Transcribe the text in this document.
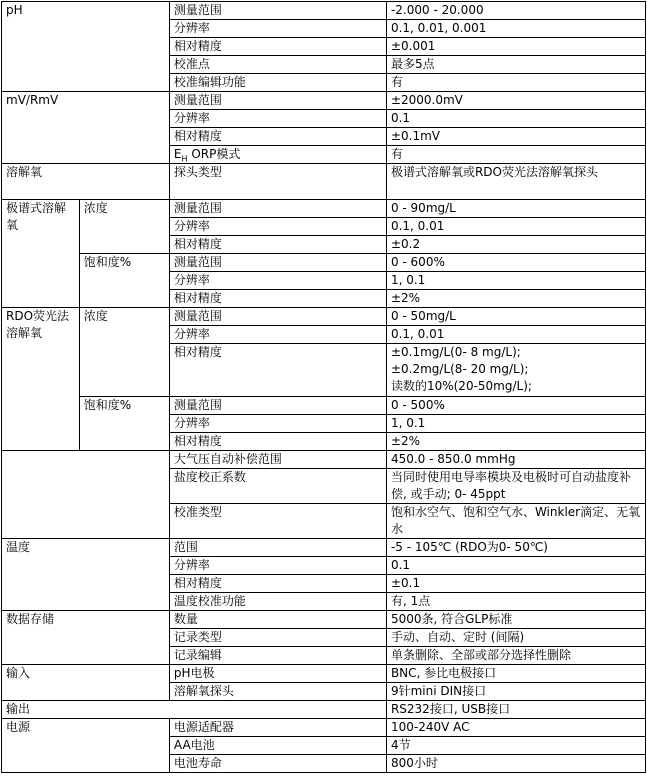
pH		测量范围	-2.000 - 20.000
		分辨率	0.1, 0.01, 0.001
		相对精度	±0.001
		校准点	最多5点
		校准编辑功能	有
mV/RmV		测量范围	±2000.0mV
		分辨率	0.1
		相对精度	±0.1mV
		$E_H$ ORP模式	有
溶解氧		探头类型	极谱式溶解氧或RDO荧光法溶解氧探头
极谱式溶解氧	浓度	测量范围	0 - 90mg/L
		分辨率	0.1, 0.01
		相对精度	±0.2
	饱和度%	测量范围	0 - 600%
		分辨率	1, 0.1
		相对精度	±2%
RDO荧光法溶解氧	浓度	测量范围	0 - 50mg/L
		分辨率	0.1, 0.01
		相对精度	±0.1mg/L(0- 8 mg/L);
±0.2mg/L(8- 20 mg/L);
读数的10%(20-50mg/L);

	饱和度%	测量范围	0 - 500%
		分辨率	1, 0.1
		相对精度	±2%
		大气压自动补偿范围	450.0 - 850.0 mmHg
		盐度校正系数	当同时使用电导率模块及电极时可自动盐度补偿, 或手动; 0- 45ppt
		校准类型	饱和水空气、饱和空气水、Winkler滴定、无氧水
温度		范围	-5 - 105℃ (RDO为0- 50℃)
		分辨率	0.1
		相对精度	±0.1
		温度校准功能	有, 1点
数据存储		数量	5000条, 符合GLP标准
		记录类型	手动、自动、定时 (间隔)
		记录编辑	单条删除、全部或部分选择性删除
输入		pH电极	BNC, 参比电极接口
		溶解氧探头	9针mini DIN接口
输出			RS232接口, USB接口
电源		电源适配器	100-240V AC
		AA电池	4节
		电池寿命	800小时
